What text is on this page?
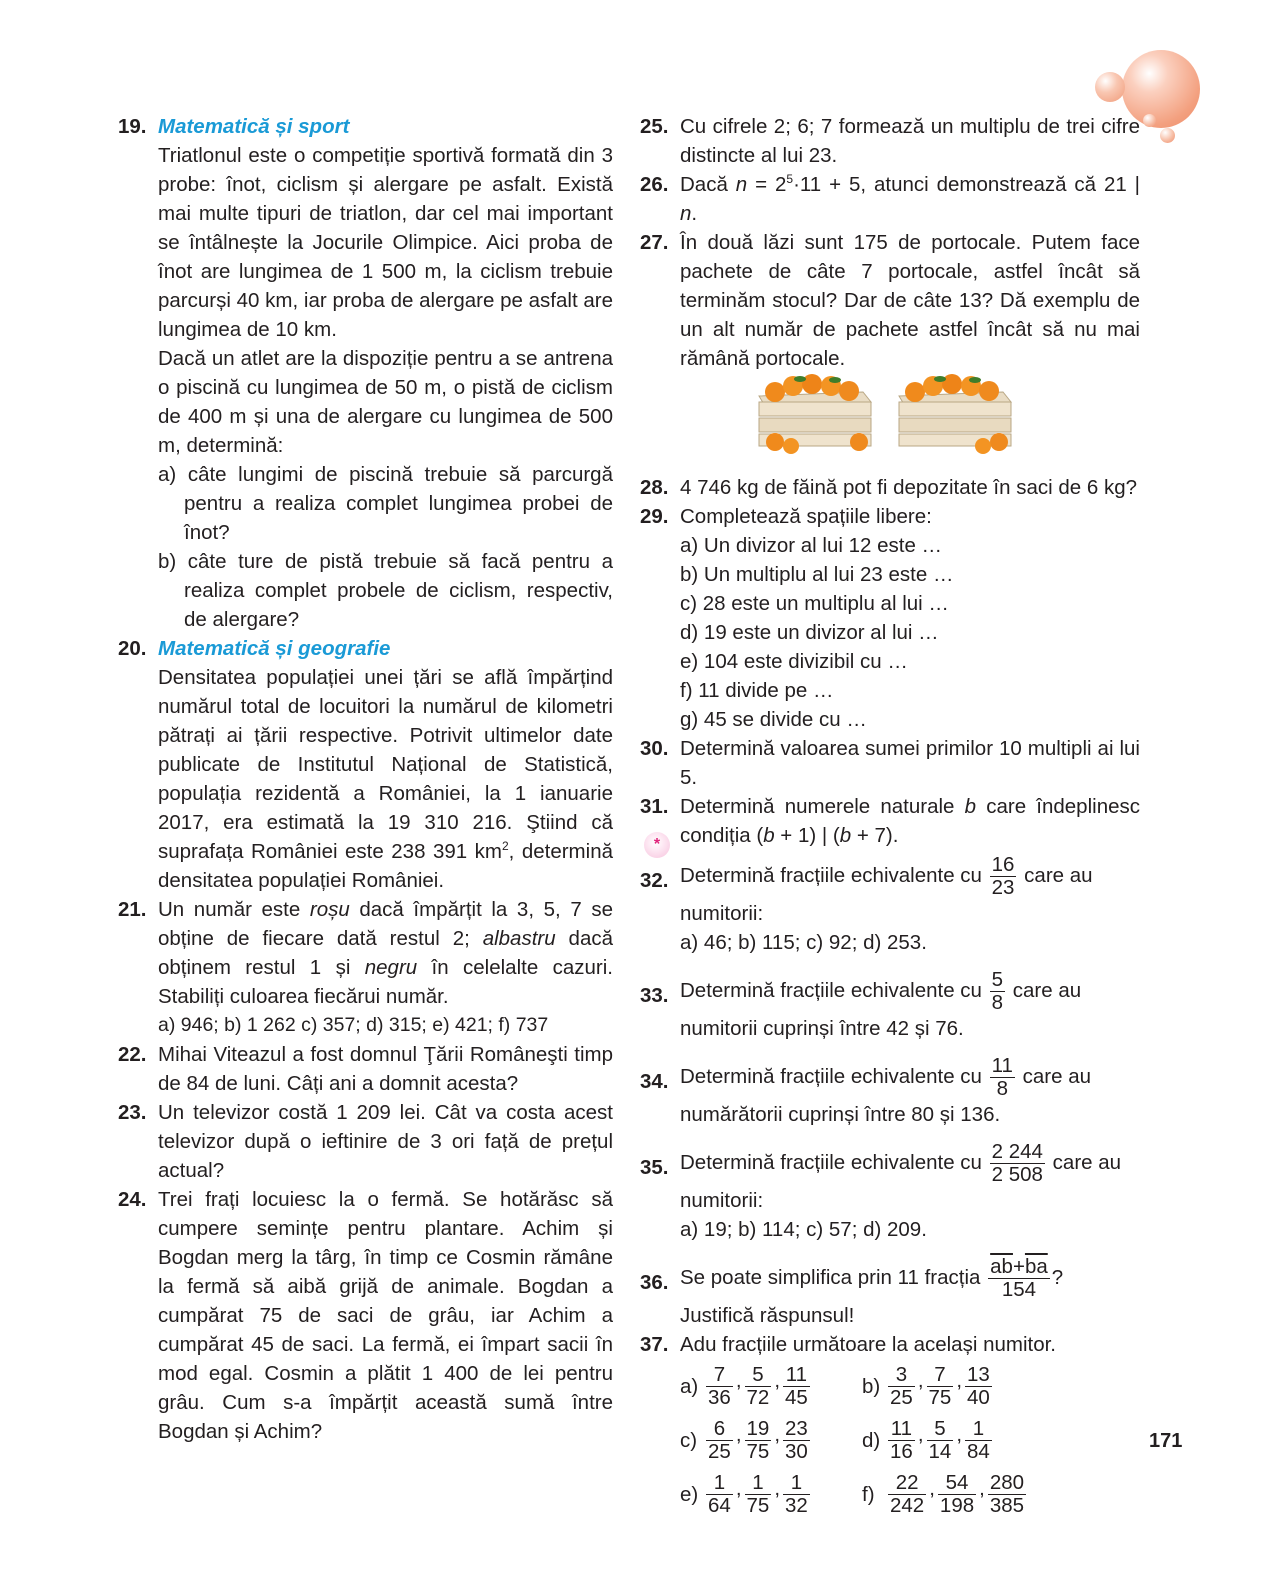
19. Matematică și sport
Triatlonul este o competiție sportivă formată din 3 probe: înot, ciclism și alergare pe asfalt. Există mai multe tipuri de triatlon, dar cel mai important se întâlnește la Jocurile Olimpice. Aici proba de înot are lungimea de 1 500 m, la ciclism trebuie parcurși 40 km, iar proba de alergare pe asfalt are lungimea de 10 km.
Dacă un atlet are la dispoziție pentru a se antrena o piscină cu lungimea de 50 m, o pistă de ciclism de 400 m și una de alergare cu lungimea de 500 m, determină:
a) câte lungimi de piscină trebuie să parcurgă pentru a realiza complet lungimea probei de înot?
b) câte ture de pistă trebuie să facă pentru a realiza complet probele de ciclism, respectiv, de alergare?
20. Matematică și geografie
Densitatea populației unei țări se află împărțind numărul total de locuitori la numărul de kilometri pătrați ai țării respective. Potrivit ultimelor date publicate de Institutul Național de Statistică, populația rezidentă a României, la 1 ianuarie 2017, era estimată la 19 310 216. Ştiind că suprafața României este 238 391 $km^2$, determină densitatea populației României.
21. Un număr este roșu dacă împărțit la 3, 5, 7 se obține de fiecare dată restul 2; albastru dacă obținem restul 1 și negru în celelalte cazuri. Stabiliți culoarea fiecărui număr.
a) 946; b) 1 262 c) 357; d) 315; e) 421; f) 737
22. Mihai Viteazul a fost domnul Ţării Româneşti timp de 84 de luni. Câți ani a domnit acesta?
23. Un televizor costă 1 209 lei. Cât va costa acest televizor după o ieftinire de 3 ori față de prețul actual?
24. Trei frați locuiesc la o fermă. Se hotărăsc să cumpere semințe pentru plantare. Achim și Bogdan merg la târg, în timp ce Cosmin rămâne la fermă să aibă grijă de animale. Bogdan a cumpărat 75 de saci de grâu, iar Achim a cumpărat 45 de saci. La fermă, ei împart sacii în mod egal. Cosmin a plătit 1 400 de lei pentru grâu. Cum s-a împărțit această sumă între Bogdan și Achim?
25. Cu cifrele 2; 6; 7 formează un multiplu de trei cifre distincte al lui 23.
26. Dacă $n = 2^5\cdot 11 + 5$, atunci demonstrează că 21 | n.
27. În două lăzi sunt 175 de portocale. Putem face pachete de câte 7 portocale, astfel încât să terminăm stocul? Dar de câte 13? Dă exemplu de un alt număr de pachete astfel încât să nu mai rămână portocale.
28. 4 746 kg de făină pot fi depozitate în saci de 6 kg?
29. Completează spațiile libere:
a) Un divizor al lui 12 este …
b) Un multiplu al lui 23 este …
c) 28 este un multiplu al lui …
d) 19 este un divizor al lui …
e) 104 este divizibil cu …
f) 11 divide pe …
g) 45 se divide cu …
30. Determină valoarea sumei primilor 10 multipli ai lui 5.
31. Determină numerele naturale b care îndeplinesc condiția (b + 1) | (b + 7).
32. Determină fracțiile echivalente cu $\frac{16}{23}$ care au numitorii:
a) 46; b) 115; c) 92; d) 253.
33. Determină fracțiile echivalente cu $\frac{5}{8}$ care au numitorii cuprinși între 42 și 76.
34. Determină fracțiile echivalente cu $\frac{11}{8}$ care au numărătorii cuprinși între 80 și 136.
35. Determină fracțiile echivalente cu $\frac{2 244}{2 508}$ care au numitorii:
a) 19; b) 114; c) 57; d) 209.
36. Se poate simplifica prin 11 fracția $\frac{\overline{ab}+\overline{ba}}{154}$ ?
Justifică răspunsul!
37. Adu fracțiile următoare la același numitor.
$a) \frac{7}{36}$ , $\frac{5}{72}$ , $\frac{11}{45}$	$b) \frac{3}{25}$ , $\frac{7}{75}$ , $\frac{13}{40}$
$c) \frac{6}{25}$ , $\frac{19}{75}$ , $\frac{23}{30}$	$d) \frac{11}{16}$ , $\frac{5}{14}$ , $\frac{1}{84}$
$e) \frac{1}{64}$ , $\frac{1}{75}$ , $\frac{1}{32}$	$f) \frac{22}{242}$ , $\frac{54}{198}$ , $\frac{280}{385}$
*
171
